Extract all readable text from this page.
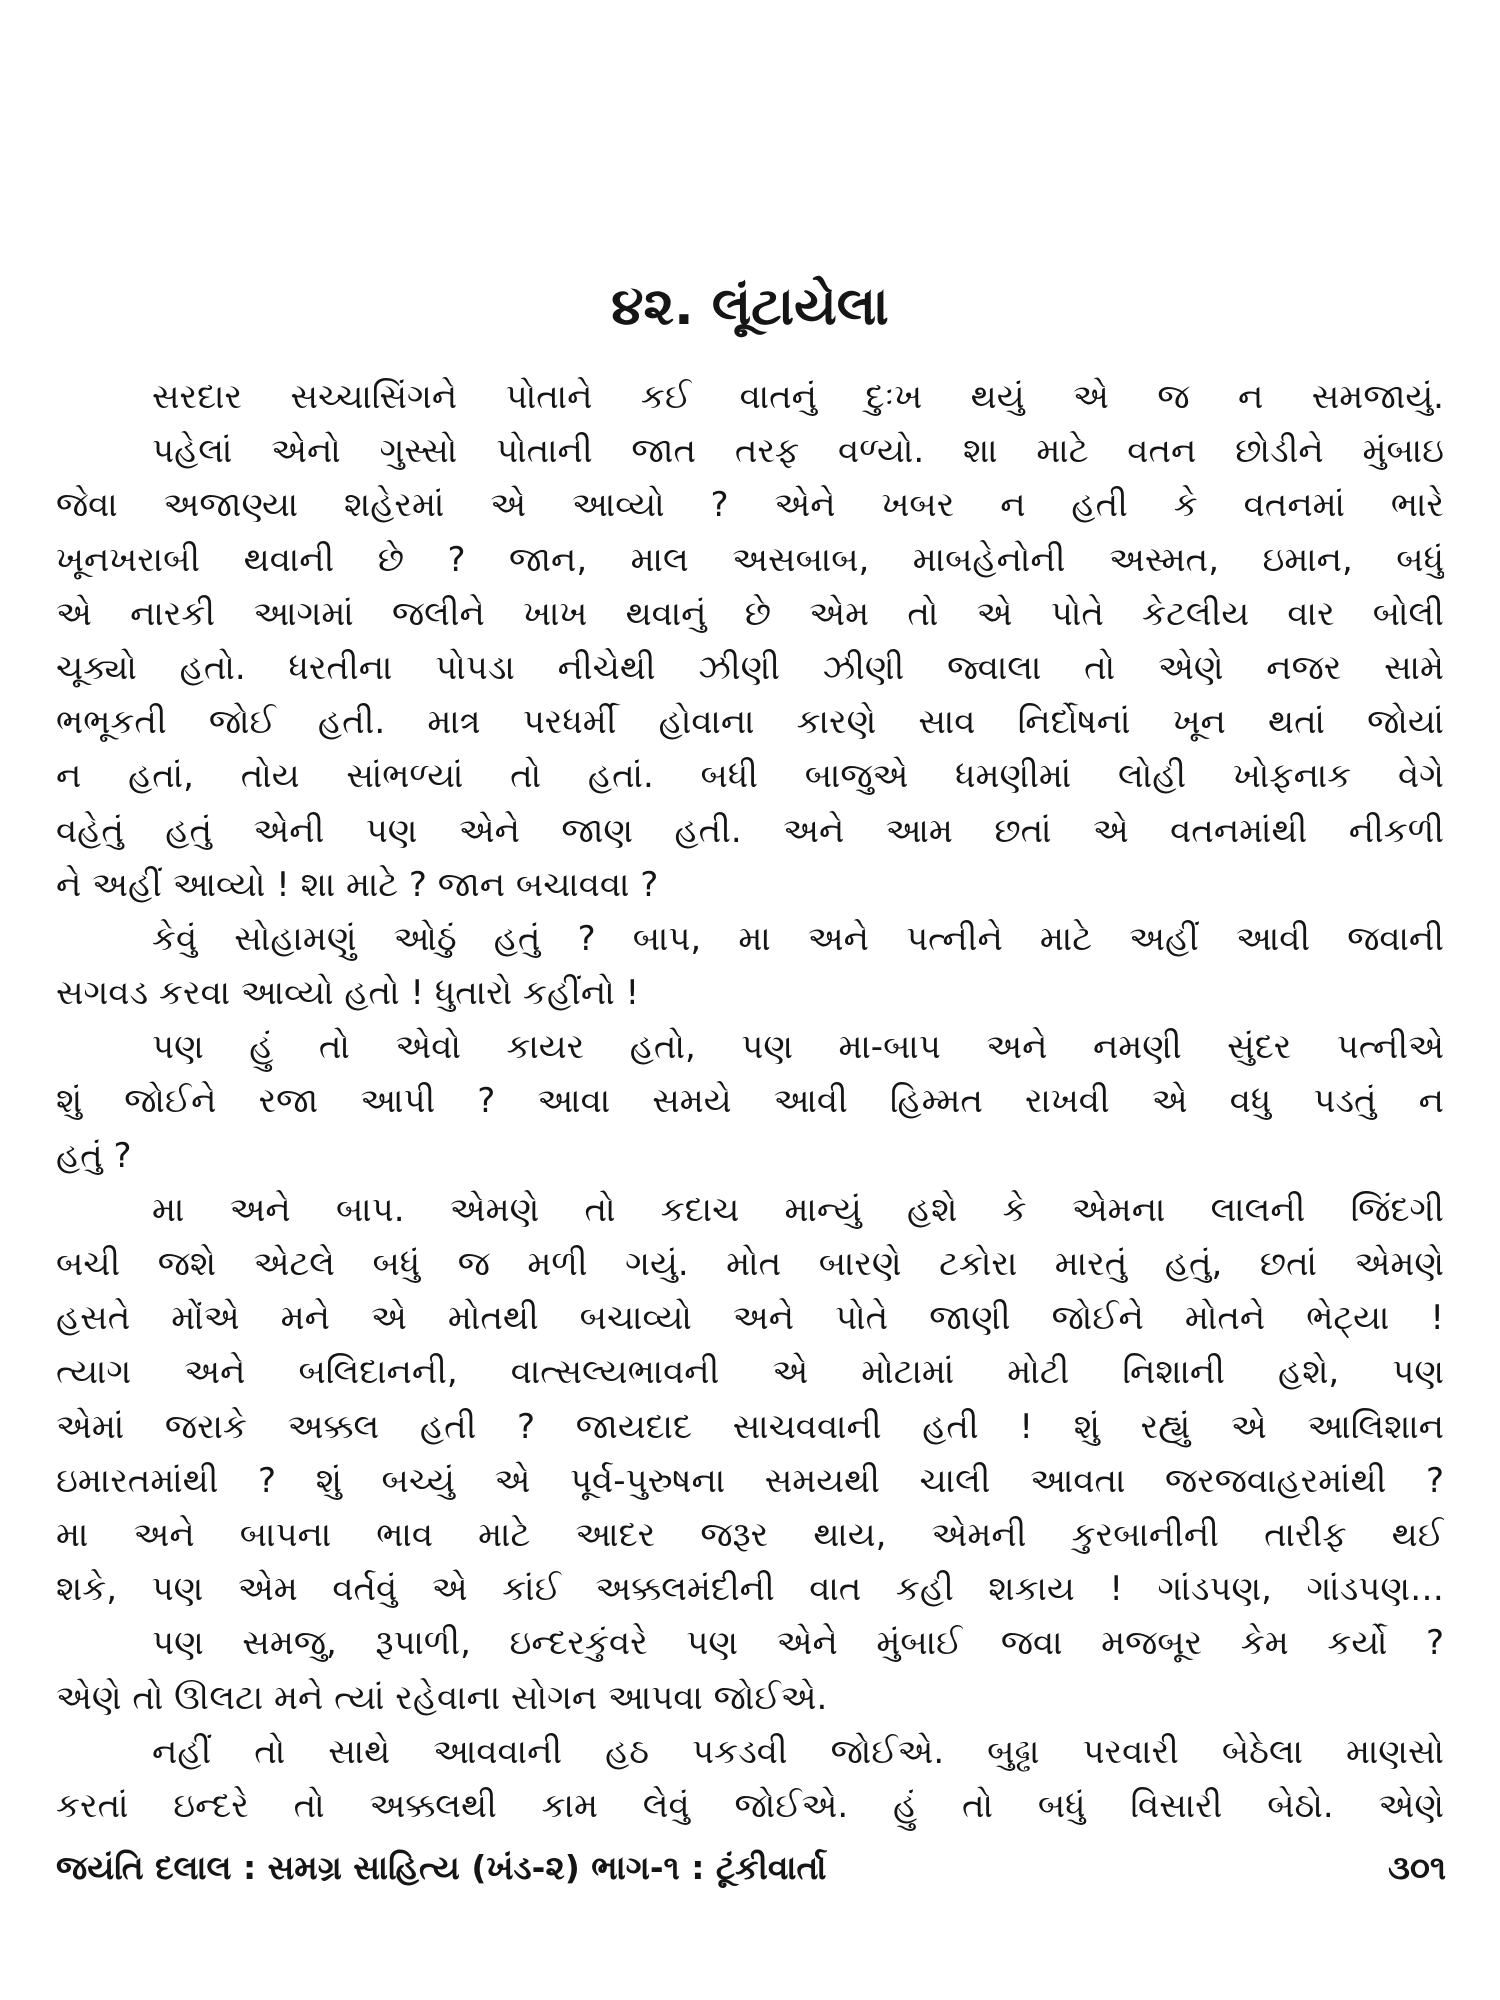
૪૨. લૂંટાયેલા
સરદાર સચ્ચાસિંગને પોતાને કઈ વાતનું દુઃખ થયું એ જ ન સમજાયું.
પહેલાં એનો ગુસ્સો પોતાની જાત તરફ વળ્યો. શા માટે વતન છોડીને મુંબાઇ
જેવા અજાણ્યા શહેરમાં એ આવ્યો ? એને ખબર ન હતી કે વતનમાં ભારે
ખૂનખરાબી થવાની છે ? જાન, માલ અસબાબ, માબહેનોની અસ્મત, ઇમાન, બધું
એ નારકી આગમાં જલીને ખાખ થવાનું છે એમ તો એ પોતે કેટલીય વાર બોલી
ચૂક્યો હતો. ધરતીના પોપડા નીચેથી ઝીણી ઝીણી જ્વાલા તો એણે નજર સામે
ભભૂકતી જોઈ હતી. માત્ર પરધર્મી હોવાના કારણે સાવ નિર્દોષનાં ખૂન થતાં જોયાં
ન હતાં, તોય સાંભળ્યાં તો હતાં. બધી બાજુએ ધમણીમાં લોહી ખોફનાક વેગે
વહેતું હતું એની પણ એને જાણ હતી. અને આમ છતાં એ વતનમાંથી નીકળી
ને અહીં આવ્યો ! શા માટે ? જાન બચાવવા ?
કેવું સોહામણું ઓઠું હતું ? બાપ, મા અને પત્નીને માટે અહીં આવી જવાની
સગવડ કરવા આવ્યો હતો ! ધુતારો કહીંનો !
પણ હું તો એવો કાયર હતો, પણ મા-બાપ અને નમણી સુંદર પત્નીએ
શું જોઈને રજા આપી ? આવા સમયે આવી હિમ્મત રાખવી એ વધુ પડતું ન
હતું ?
મા અને બાપ. એમણે તો કદાચ માન્યું હશે કે એમના લાલની જિંદગી
બચી જશે એટલે બધું જ મળી ગયું. મોત બારણે ટકોરા મારતું હતું, છતાં એમણે
હસતે મોંએ મને એ મોતથી બચાવ્યો અને પોતે જાણી જોઈને મોતને ભેટ્યા !
ત્યાગ અને બલિદાનની, વાત્સલ્યભાવની એ મોટામાં મોટી નિશાની હશે, પણ
એમાં જરાકે અક્કલ હતી ? જાયદાદ સાચવવાની હતી ! શું રહ્યું એ આલિશાન
ઇમારતમાંથી ? શું બચ્યું એ પૂર્વ-પુરુષના સમયથી ચાલી આવતા જરજવાહરમાંથી ?
મા અને બાપના ભાવ માટે આદર જરૂર થાય, એમની કુરબાનીની તારીફ થઈ
શકે, પણ એમ વર્તવું એ કાંઈ અક્કલમંદીની વાત કહી શકાય ! ગાંડપણ, ગાંડપણ…
પણ સમજુ, રૂપાળી, ઇન્દરકુંવરે પણ એને મુંબાઈ જવા મજબૂર કેમ કર્યો ?
એણે તો ઊલટા મને ત્યાં રહેવાના સોગન આપવા જોઈએ.
નહીં તો સાથે આવવાની હઠ પકડવી જોઈએ. બુઢ્ઢા પરવારી બેઠેલા માણસો
કરતાં ઇન્દરે તો અક્કલથી કામ લેવું જોઈએ. હું તો બધું વિસારી બેઠો. એણે
જયંતિ દલાલ : સમગ્ર સાહિત્ય (ખંડ-૨) ભાગ-૧ : ટૂંકીવાર્તા	૩૦૧
